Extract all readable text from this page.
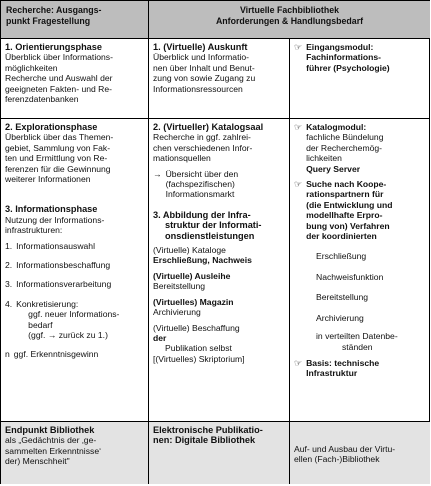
Recherche: Ausgangs-

punkt Fragestellung

Virtuelle Fachbibliothek

Anforderungen & Handlungsbedarf

1. Orientierungsphase

Überblick über Informations-

möglichkeiten

Recherche und Auswahl der

geeigneten Fakten- und Re-

ferenzdatenbanken

1. (Virtuelle) Auskunft

Überblick und Informatio-

nen über Inhalt und Benut-

zung von sowie Zugang zu

Informationsressourcen

☞ Eingangsmodul:

Fachinformations-

führer (Psychologie)

2. Explorationsphase

Überblick über das Themen-

gebiet, Sammlung von Fak-

ten und Ermittlung von Re-

ferenzen für die Gewinnung

weiterer Informationen

3. Informationsphase

Nutzung der Informations-

infrastrukturen:

1. Informationsauswahl
2. Informationsbeschaffung
3. Informationsverarbeitung
4. Konkretisierung:

ggf. neuer Informations-

bedarf

(ggf. → zurück zu 1.)

n ggf. Erkenntnisgewinn

2. (Virtueller) Katalogsaal

Recherche in ggf. zahlrei-

chen verschiedenen Infor-

mationsquellen

→ Übersicht über den

(fachspezifischen)

Informationsmarkt

3. Abbildung der Infra-

struktur der Informati-

onsdienstleistungen

(Virtuelle) Kataloge

Erschließung, Nachweis

(Virtuelle) Ausleihe

Bereitstellung

(Virtuelles) Magazin

Archivierung

(Virtuelle) Beschaffung

der

Publikation selbst

[(Virtuelles) Skriptorium]

☞ Katalogmodul:

fachliche Bündelung

der Recherchemög-

lichkeiten

Query Server

☞ Suche nach Koope-

rationspartnern für

(die Entwicklung und

modellhafte Erpro-

bung von) Verfahren

der koordinierten

Erschließung

Nachweisfunktion

Bereitstellung

Archivierung

in verteilten Datenbe-

ständen

☞ Basis: technische

Infrastruktur

Endpunkt Bibliothek

als „Gedächtnis der ‚ge-

sammelten Erkenntnisse‘

der) Menschheit"

Elektronische Publikatio-

nen: Digitale Bibliothek

Auf- und Ausbau der Virtu-

ellen (Fach-)Bibliothek
